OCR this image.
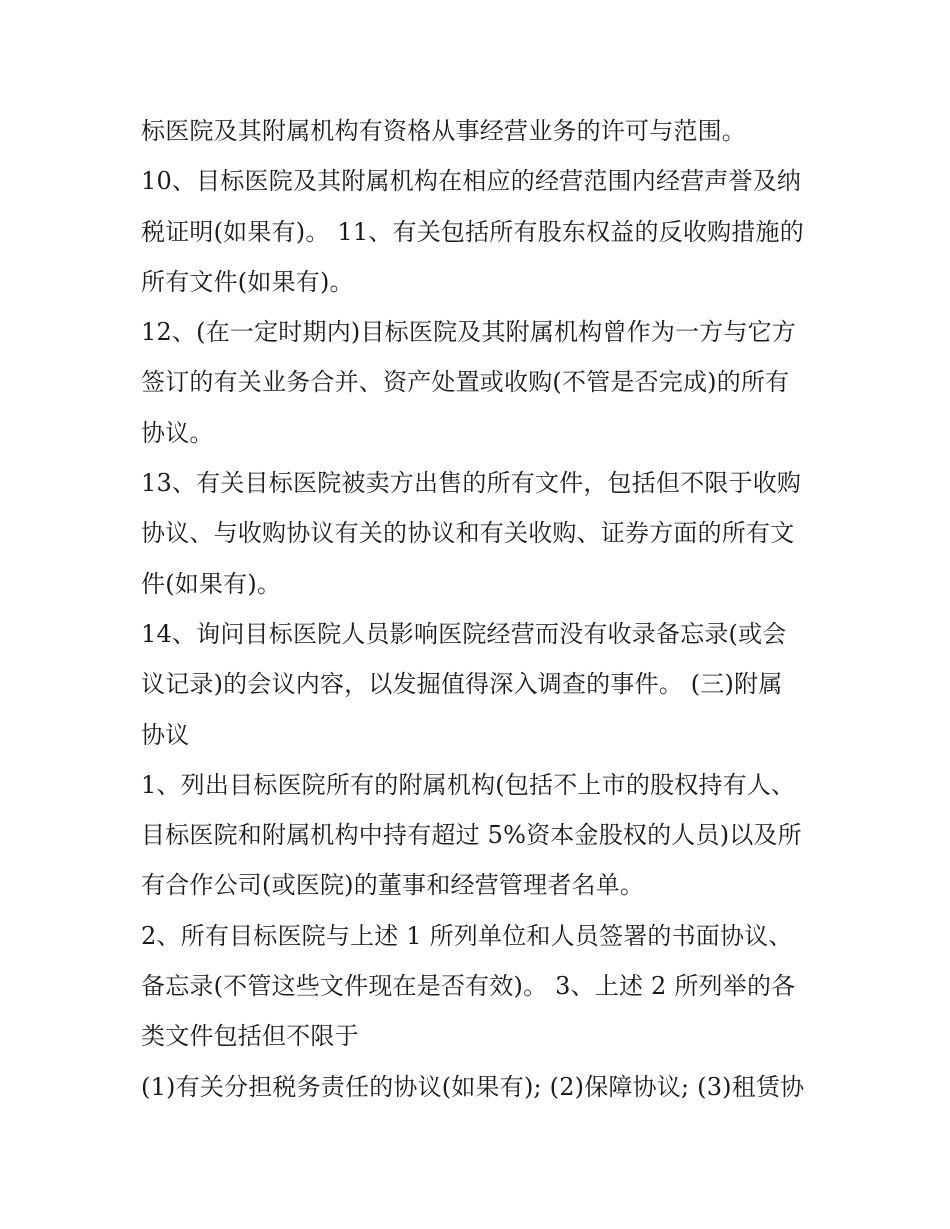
标医院及其附属机构有资格从事经营业务的许可与范围。
10、目标医院及其附属机构在相应的经营范围内经营声誉及纳
税证明(如果有)。 11、有关包括所有股东权益的反收购措施的
所有文件(如果有)。
12、(在一定时期内)目标医院及其附属机构曾作为一方与它方
签订的有关业务合并、资产处置或收购(不管是否完成)的所有
协议。
13、有关目标医院被卖方出售的所有文件，包括但不限于收购
协议、与收购协议有关的协议和有关收购、证券方面的所有文
件(如果有)。
14、询问目标医院人员影响医院经营而没有收录备忘录(或会
议记录)的会议内容，以发掘值得深入调查的事件。 (三)附属
协议
1、列出目标医院所有的附属机构(包括不上市的股权持有人、
目标医院和附属机构中持有超过 5%资本金股权的人员)以及所
有合作公司(或医院)的董事和经营管理者名单。
2、所有目标医院与上述 1 所列单位和人员签署的书面协议、
备忘录(不管这些文件现在是否有效)。 3、上述 2 所列举的各
类文件包括但不限于
(1)有关分担税务责任的协议(如果有); (2)保障协议; (3)租赁协
